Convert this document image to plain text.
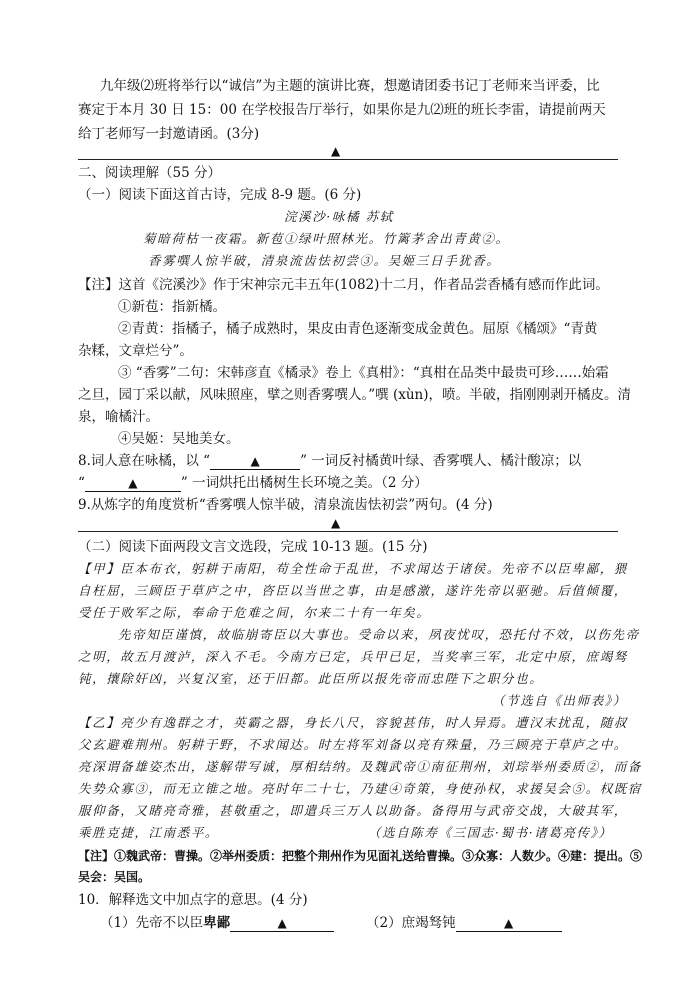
九年级⑵班将举行以“诚信”为主题的演讲比赛，想邀请团委书记丁老师来当评委，比
赛定于本月 30 日 15：00 在学校报告厅举行，如果你是九⑵班的班长李雷，请提前两天
给丁老师写一封邀请函。(3分)
▲
二、阅读理解（55 分）
（一）阅读下面这首古诗，完成 8-9 题。(6 分)
浣溪沙·咏橘 苏轼
菊暗荷枯一夜霜。新苞①绿叶照林光。竹篱茅舍出青黄②。
香雾噀人惊半破，清泉流齿怯初尝③。吴姬三日手犹香。
【注】这首《浣溪沙》作于宋神宗元丰五年(1082)十二月，作者品尝香橘有感而作此词。
①新苞：指新橘。
②青黄：指橘子，橘子成熟时，果皮由青色逐渐变成金黄色。屈原《橘颂》“青黄
杂糅，文章烂兮”。
③ “香雾”二句：宋韩彦直《橘录》卷上《真柑》：“真柑在品类中最贵可珍……始霜
之旦，园丁采以献，风味照座，擘之则香雾噀人。”噀 (xùn)，喷。半破，指刚刚剥开橘皮。清
泉，喻橘汁。
④吴姬：吴地美女。
8.词人意在咏橘，以 “	▲	” 一词反衬橘黄叶绿、香雾噀人、橘汁酸凉；以
“	▲	” 一词烘托出橘树生长环境之美。（2 分）
9.从炼字的角度赏析“香雾噀人惊半破，清泉流齿怯初尝”两句。(4 分)
▲
（二）阅读下面两段文言文选段，完成 10-13 题。(15 分)
【甲】臣本布衣，躬耕于南阳，苟全性命于乱世，不求闻达于诸侯。先帝不以臣卑鄙，猥
自枉屈，三顾臣于草庐之中，咨臣以当世之事，由是感激，遂许先帝以驱驰。后值倾覆，
受任于败军之际，奉命于危难之间，尔来二十有一年矣。
先帝知臣谨慎，故临崩寄臣以大事也。受命以来，夙夜忧叹，恐托付不效，以伤先帝
之明，故五月渡泸，深入不毛。今南方已定，兵甲已足，当奖率三军，北定中原，庶竭驽
钝，攘除奸凶，兴复汉室，还于旧都。此臣所以报先帝而忠陛下之职分也。
（节选自《出师表》）
【乙】亮少有逸群之才，英霸之器，身长八尺，容貌甚伟，时人异焉。遭汉末扰乱，随叔
父玄避难荆州。躬耕于野，不求闻达。时左将军刘备以亮有殊量，乃三顾亮于草庐之中。
亮深谓备雄姿杰出，遂解带写诚，厚相结纳。及魏武帝①南征荆州，刘琮举州委质②，而备
失势众寡③，而无立锥之地。亮时年二十七，乃建④奇策，身使孙权，求援吴会⑤。权既宿
服仰备，又睹亮奇雅，甚敬重之，即遣兵三万人以助备。备得用与武帝交战，大破其军，
乘胜克捷，江南悉平。	（选自陈寿《三国志·蜀书·诸葛亮传》）
【注】①魏武帝：曹操。②举州委质：把整个荆州作为见面礼送给曹操。③众寡：人数少。④建：提出。⑤
吴会：吴国。
10．解释选文中加点字的意思。(4 分)
（1）先帝不以臣卑鄙	▲	（2）庶竭驽钝	▲
